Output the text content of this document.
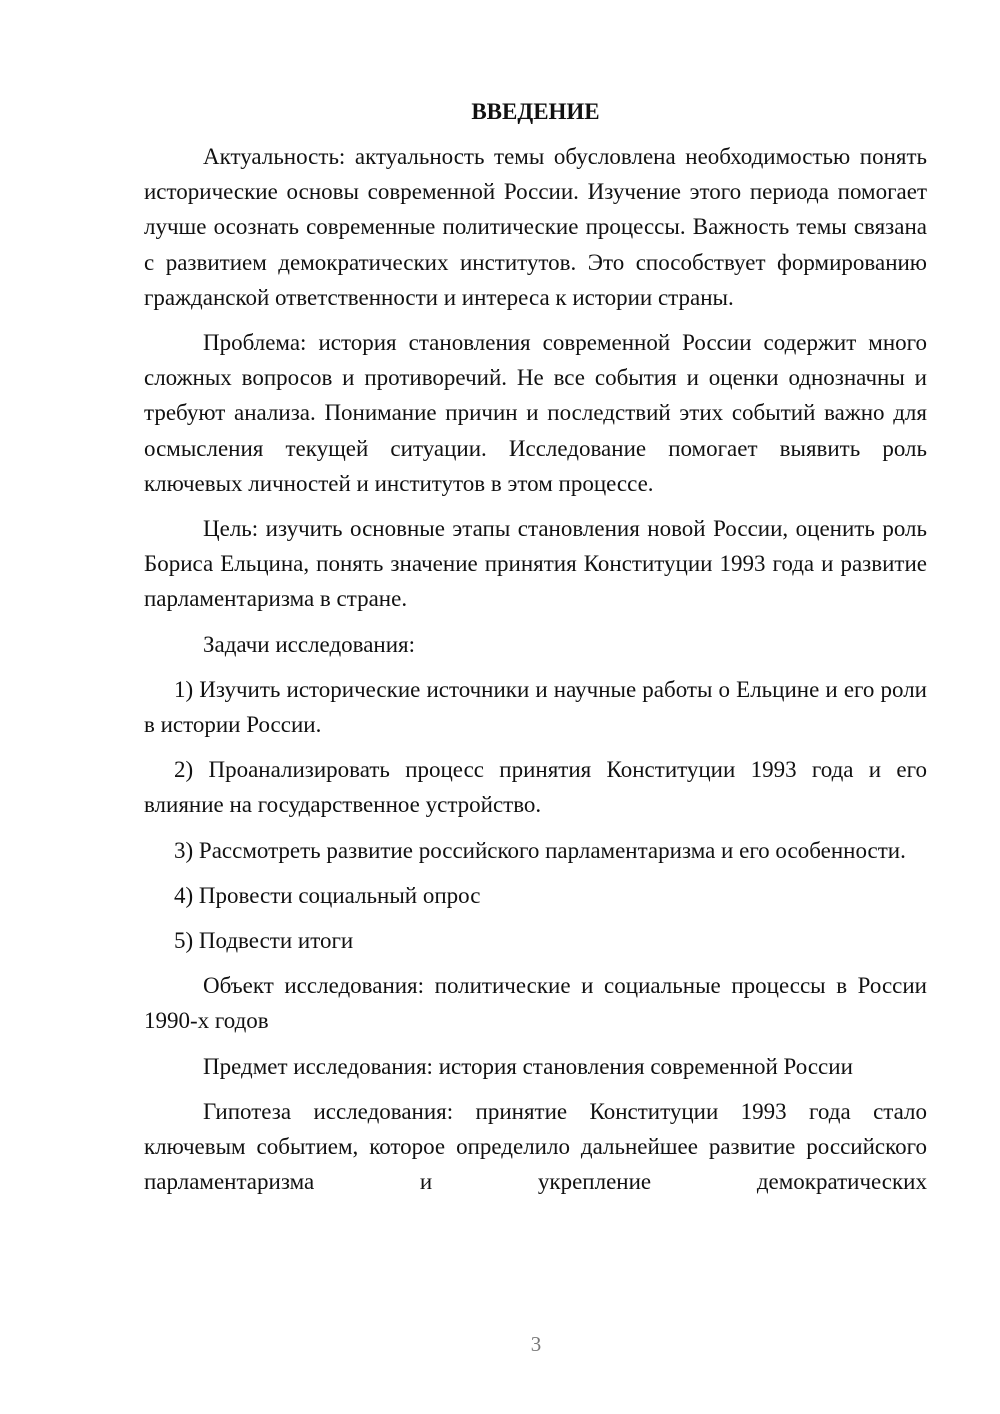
ВВЕДЕНИЕ

Актуальность: актуальность темы обусловлена необходимостью понять исторические основы современной России. Изучение этого периода помогает лучше осознать современные политические процессы. Важность темы связана с развитием демократических институтов. Это способствует формированию гражданской ответственности и интереса к истории страны.

Проблема: история становления современной России содержит много сложных вопросов и противоречий. Не все события и оценки однозначны и требуют анализа. Понимание причин и последствий этих событий важно для осмысления текущей ситуации. Исследование помогает выявить роль ключевых личностей и институтов в этом процессе.

Цель: изучить основные этапы становления новой России, оценить роль Бориса Ельцина, понять значение принятия Конституции 1993 года и развитие парламентаризма в стране.

Задачи исследования:

1) Изучить исторические источники и научные работы о Ельцине и его роли в истории России.

2) Проанализировать процесс принятия Конституции 1993 года и его влияние на государственное устройство.

3) Рассмотреть развитие российского парламентаризма и его особенности.

4) Провести социальный опрос

5) Подвести итоги

Объект исследования: политические и социальные процессы в России 1990-х годов

Предмет исследования: история становления современной России

Гипотеза исследования: принятие Конституции 1993 года стало ключевым событием, которое определило дальнейшее развитие российского парламентаризма и укрепление демократических

3
